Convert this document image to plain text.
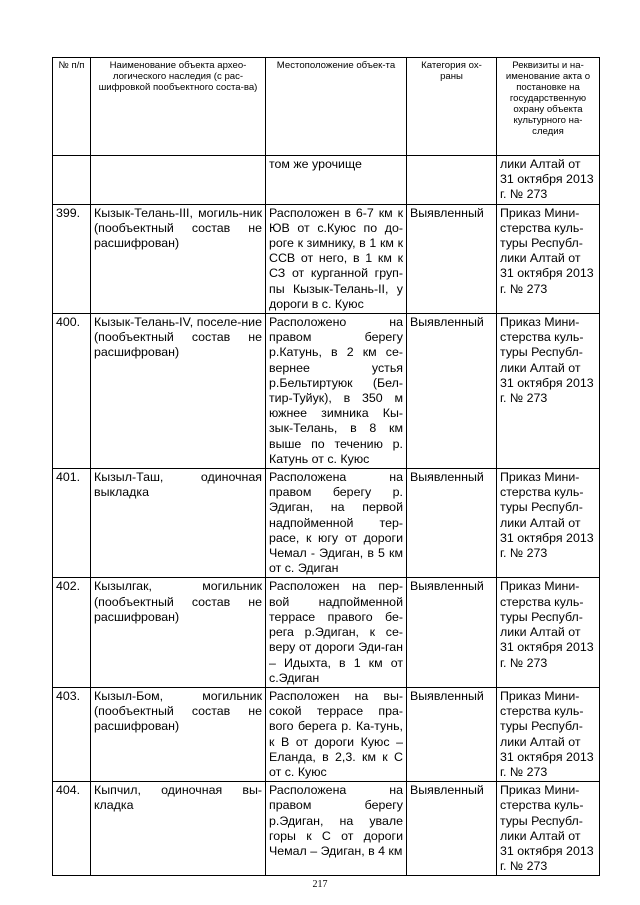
№ п/п	Наименование объекта архео-логического наследия (с рас-шифровкой пообъектного соста-ва)	Местоположение объек-та	Категория ох-раны	Реквизиты и на-именование акта о постановке на государственную охрану объекта культурного на-следия
		том же урочище		лики Алтай от 31 октября 2013 г. № 273
399.	Кызык-Телань-III, могиль-ник (пообъектный состав не расшифрован)	Расположен в 6-7 км к ЮВ от с.Куюс по до-роге к зимнику, в 1 км к ССВ от него, в 1 км к СЗ от курганной груп-пы Кызык-Телань-II, у дороги в с. Куюс	Выявленный	Приказ Мини-стерства куль-туры Республ-лики Алтай от 31 октября 2013 г. № 273
400.	Кызык-Телань-IV, поселе-ние (пообъектный состав не расшифрован)	Расположено на правом берегу р.Катунь, в 2 км се-вернее устья р.Бельтиртуюк (Бел-тир-Туйук), в 350 м южнее зимника Кы-зык-Телань, в 8 км выше по течению р. Катунь от с. Куюс	Выявленный	Приказ Мини-стерства куль-туры Республ-лики Алтай от 31 октября 2013 г. № 273
401.	Кызыл-Таш, одиночная выкладка	Расположена на правом берегу р. Эдиган, на первой надпойменной тер-расе, к югу от дороги Чемал - Эдиган, в 5 км от с. Эдиган	Выявленный	Приказ Мини-стерства куль-туры Республ-лики Алтай от 31 октября 2013 г. № 273
402.	Кызылгак, могильник (пообъектный состав не расшифрован)	Расположен на пер-вой надпойменной террасе правого бе-рега р.Эдиган, к се-веру от дороги Эди-ган – Идыхта, в 1 км от с.Эдиган	Выявленный	Приказ Мини-стерства куль-туры Республ-лики Алтай от 31 октября 2013 г. № 273
403.	Кызыл-Бом, могильник (пообъектный состав не расшифрован)	Расположен на вы-сокой террасе пра-вого берега р. Ка-тунь, к В от дороги Куюс – Еланда, в 2,3. км к С от с. Куюс	Выявленный	Приказ Мини-стерства куль-туры Республ-лики Алтай от 31 октября 2013 г. № 273
404.	Кыпчил, одиночная вы-кладка	Расположена на правом берегу р.Эдиган, на увале горы к С от дороги Чемал – Эдиган, в 4 км	Выявленный	Приказ Мини-стерства куль-туры Республ-лики Алтай от 31 октября 2013 г. № 273
217
